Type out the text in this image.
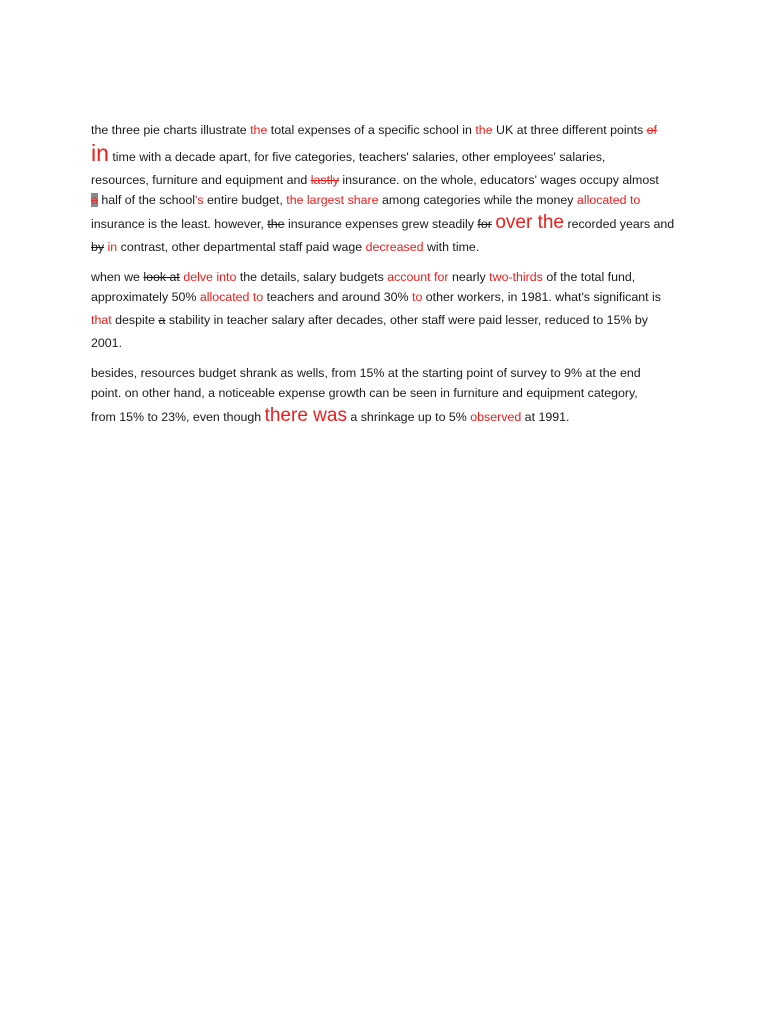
the three pie charts illustrate the total expenses of a specific school in the UK at three different points of
in time with a decade apart, for five categories, teachers' salaries, other employees' salaries,
resources, furniture and equipment and lastly insurance. on the whole, educators' wages occupy almost
a half of the school's entire budget, the largest share among categories while the money allocated to
insurance is the least. however, the insurance expenses grew steadily for over the recorded years and
by in contrast, other departmental staff paid wage decreased with time.

when we look at delve into the details, salary budgets account for nearly two-thirds of the total fund,
approximately 50% allocated to teachers and around 30% to other workers, in 1981. what's significant is
that despite a stability in teacher salary after decades, other staff were paid lesser, reduced to 15% by
2001.

besides, resources budget shrank as wells, from 15% at the starting point of survey to 9% at the end
point. on other hand, a noticeable expense growth can be seen in furniture and equipment category,
from 15% to 23%, even though there was a shrinkage up to 5% observed at 1991.
